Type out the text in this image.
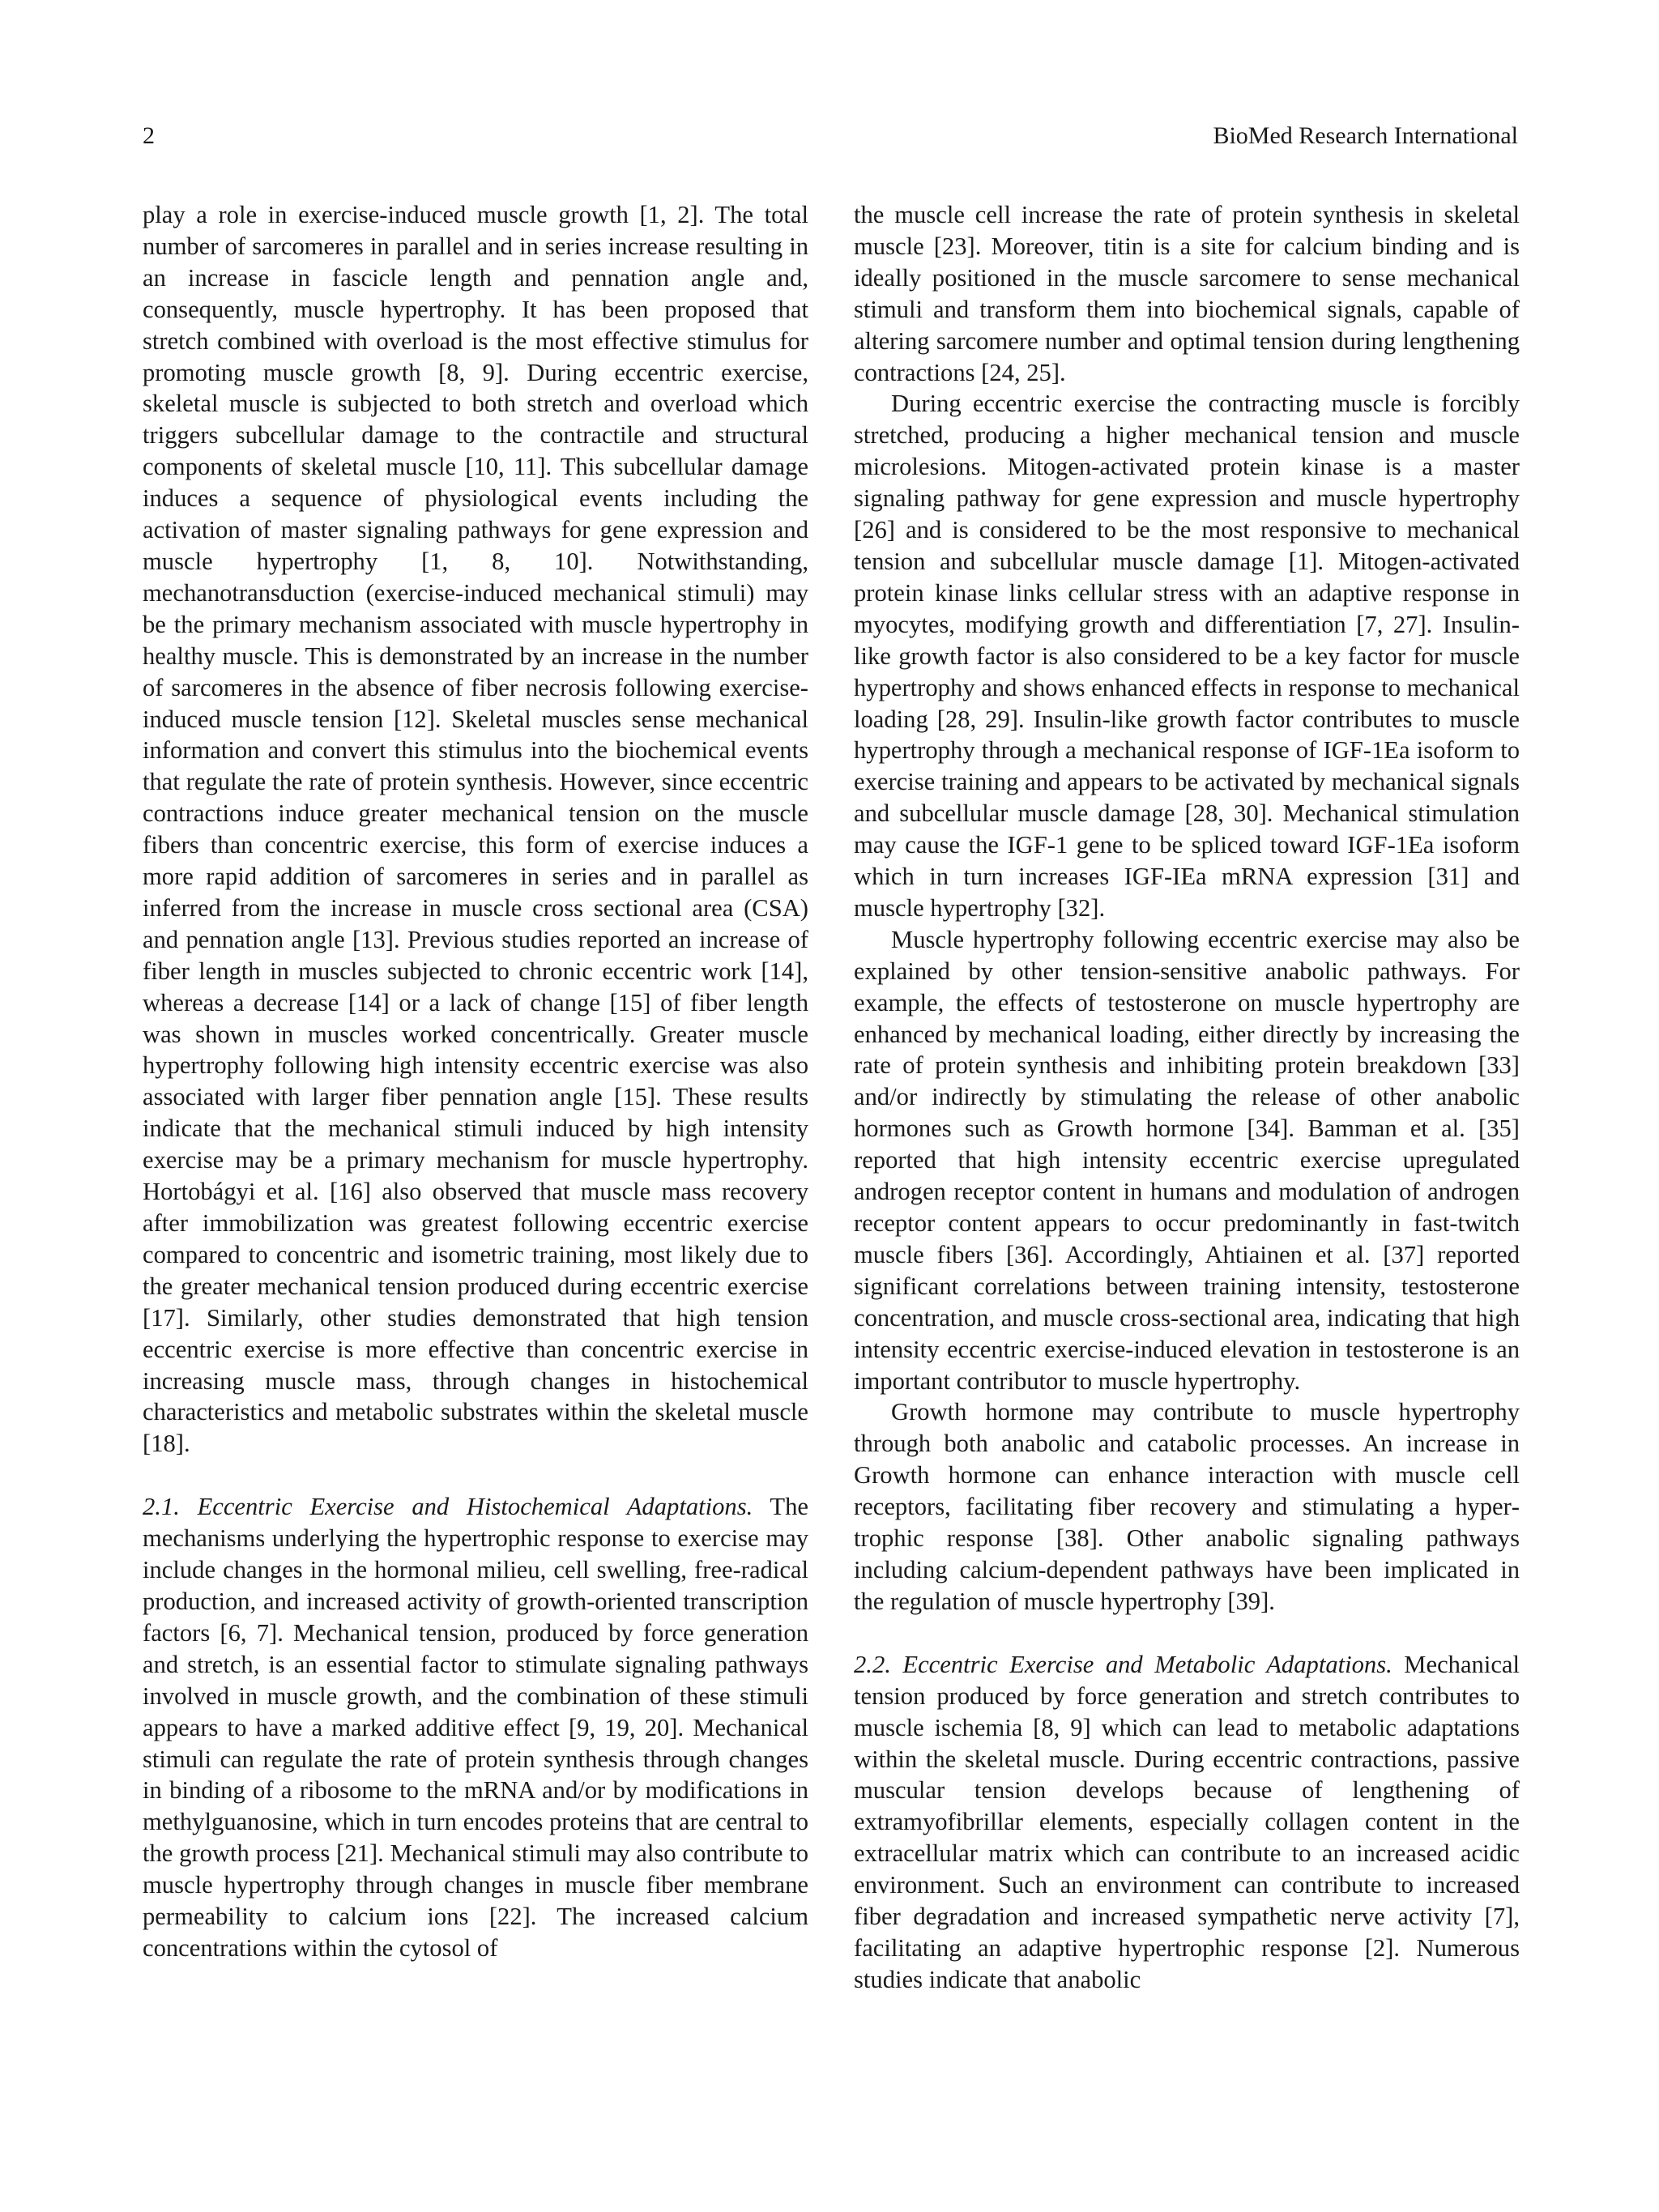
2	BioMed Research International

play a role in exercise-induced muscle growth [1, 2]. The total number of sarcomeres in parallel and in series increase resulting in an increase in fascicle length and pennation angle and, consequently, muscle hypertrophy. It has been proposed that stretch combined with overload is the most effective stimulus for promoting muscle growth [8, 9]. During eccentric exercise, skeletal muscle is subjected to both stretch and overload which triggers subcellular damage to the contractile and structural components of skeletal muscle [10, 11]. This subcellular damage induces a sequence of physiological events including the activation of master signaling pathways for gene expression and muscle hypertrophy [1, 8, 10]. Notwithstanding, mechanotransduction (exercise-induced mechanical stimuli) may be the primary mechanism associated with muscle hypertrophy in healthy muscle. This is demonstrated by an increase in the number of sarcomeres in the absence of fiber necrosis following exercise-induced muscle tension [12]. Skeletal muscles sense mechanical information and convert this stimulus into the biochemical events that regulate the rate of protein synthesis. However, since eccentric contractions induce greater mechanical tension on the muscle fibers than concentric exercise, this form of exercise induces a more rapid addition of sarcomeres in series and in parallel as inferred from the increase in muscle cross sectional area (CSA) and pennation angle [13]. Previous studies reported an increase of fiber length in muscles subjected to chronic eccentric work [14], whereas a decrease [14] or a lack of change [15] of fiber length was shown in muscles worked concentrically. Greater muscle hypertrophy following high intensity eccentric exercise was also associated with larger fiber pennation angle [15]. These results indicate that the mechanical stimuli induced by high intensity exercise may be a primary mechanism for muscle hypertrophy. Hortobágyi et al. [16] also observed that muscle mass recovery after immobilization was greatest following eccentric exercise compared to concentric and isometric training, most likely due to the greater mechanical tension produced during eccentric exercise [17]. Similarly, other studies demonstrated that high tension eccentric exercise is more effective than concentric exercise in increasing muscle mass, through changes in histochemical characteristics and metabolic substrates within the skeletal muscle [18].

2.1. Eccentric Exercise and Histochemical Adaptations. The mechanisms underlying the hypertrophic response to exercise may include changes in the hormonal milieu, cell swelling, free-radical production, and increased activity of growth-oriented transcription factors [6, 7]. Mechanical tension, produced by force generation and stretch, is an essential factor to stimulate signaling pathways involved in muscle growth, and the combination of these stimuli appears to have a marked additive effect [9, 19, 20]. Mechanical stimuli can regulate the rate of protein synthesis through changes in binding of a ribosome to the mRNA and/or by modifications in methylguanosine, which in turn encodes proteins that are central to the growth process [21]. Mechanical stimuli may also contribute to muscle hypertrophy through changes in muscle fiber membrane permeability to calcium ions [22]. The increased calcium concentrations within the cytosol of

the muscle cell increase the rate of protein synthesis in skeletal muscle [23]. Moreover, titin is a site for calcium binding and is ideally positioned in the muscle sarcomere to sense mechanical stimuli and transform them into biochemical signals, capable of altering sarcomere number and optimal tension during lengthening contractions [24, 25].

During eccentric exercise the contracting muscle is forcibly stretched, producing a higher mechanical tension and muscle microlesions. Mitogen-activated protein kinase is a master signaling pathway for gene expression and muscle hypertrophy [26] and is considered to be the most responsive to mechanical tension and subcellular muscle damage [1]. Mitogen-activated protein kinase links cellular stress with an adaptive response in myocytes, modifying growth and differentiation [7, 27]. Insulin-like growth factor is also considered to be a key factor for muscle hypertrophy and shows enhanced effects in response to mechanical loading [28, 29]. Insulin-like growth factor contributes to muscle hypertrophy through a mechanical response of IGF-1Ea isoform to exercise training and appears to be activated by mechanical signals and subcellular muscle damage [28, 30]. Mechanical stimulation may cause the IGF-1 gene to be spliced toward IGF-1Ea isoform which in turn increases IGF-IEa mRNA expression [31] and muscle hypertrophy [32].

Muscle hypertrophy following eccentric exercise may also be explained by other tension-sensitive anabolic pathways. For example, the effects of testosterone on muscle hypertrophy are enhanced by mechanical loading, either directly by increasing the rate of protein synthesis and inhibiting protein breakdown [33] and/or indirectly by stimulating the release of other anabolic hormones such as Growth hormone [34]. Bamman et al. [35] reported that high intensity eccentric exercise upregulated androgen receptor content in humans and modulation of androgen receptor content appears to occur predominantly in fast-twitch muscle fibers [36]. Accordingly, Ahtiainen et al. [37] reported significant correlations between training intensity, testosterone concentration, and muscle cross-sectional area, indicating that high intensity eccentric exercise-induced elevation in testosterone is an important contributor to muscle hypertrophy.

Growth hormone may contribute to muscle hypertrophy through both anabolic and catabolic processes. An increase in Growth hormone can enhance interaction with muscle cell receptors, facilitating fiber recovery and stimulating a hypertrophic response [38]. Other anabolic signaling pathways including calcium-dependent pathways have been implicated in the regulation of muscle hypertrophy [39].

2.2. Eccentric Exercise and Metabolic Adaptations. Mechanical tension produced by force generation and stretch contributes to muscle ischemia [8, 9] which can lead to metabolic adaptations within the skeletal muscle. During eccentric contractions, passive muscular tension develops because of lengthening of extramyofibrillar elements, especially collagen content in the extracellular matrix which can contribute to an increased acidic environment. Such an environment can contribute to increased fiber degradation and increased sympathetic nerve activity [7], facilitating an adaptive hypertrophic response [2]. Numerous studies indicate that anabolic
